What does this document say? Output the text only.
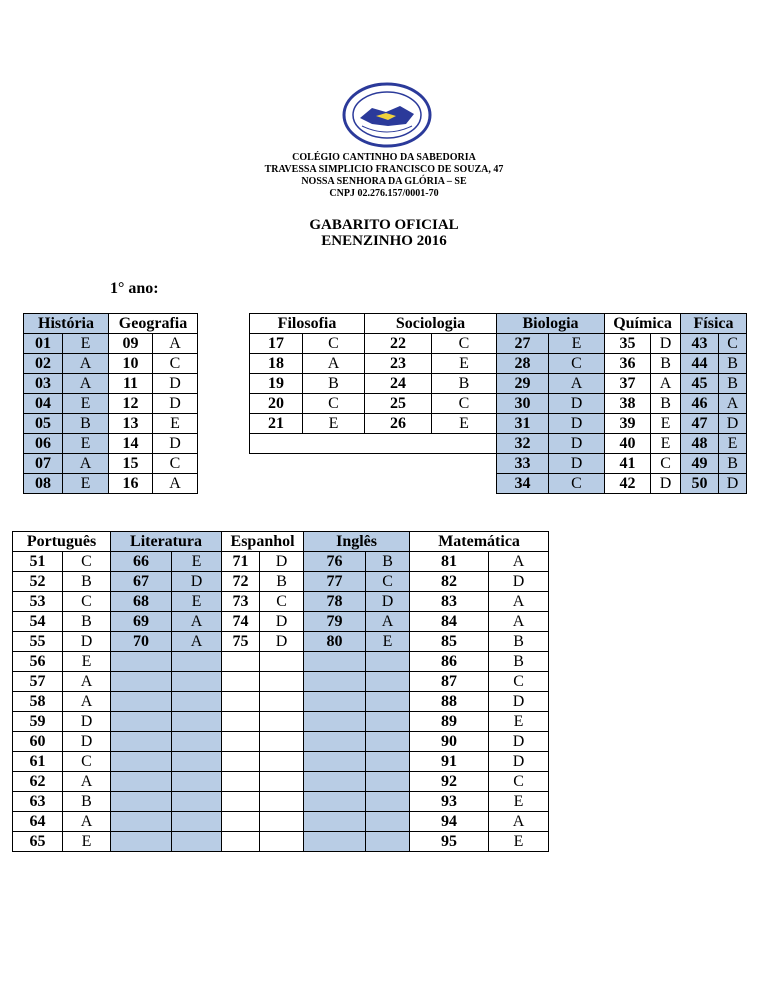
COLÉGIO CANTINHO DA SABEDORIA
TRAVESSA SIMPLICIO FRANCISCO DE SOUZA, 47
NOSSA SENHORA DA GLÓRIA – SE
CNPJ 02.276.157/0001-70
GABARITO OFICIAL
ENENZINHO 2016
1° ano:
História		Geografia	
01	E	09	A
02	A	10	C
03	A	11	D
04	E	12	D
05	B	13	E
06	E	14	D
07	A	15	C
08	E	16	A
Filosofia		Sociologia	
17	C	22	C
18	A	23	E
19	B	24	B
20	C	25	C
21	E	26	E

Biologia		Química		Física	
27	E	35	D	43	C
28	C	36	B	44	B
29	A	37	A	45	B
30	D	38	B	46	A
31	D	39	E	47	D
32	D	40	E	48	E
33	D	41	C	49	B
34	C	42	D	50	D
Português		Literatura		Espanhol		Inglês		Matemática	
51	C	66	E	71	D	76	B	81	A
52	B	67	D	72	B	77	C	82	D
53	C	68	E	73	C	78	D	83	A
54	B	69	A	74	D	79	A	84	A
55	D	70	A	75	D	80	E	85	B
56	E							86	B
57	A							87	C
58	A							88	D
59	D							89	E
60	D							90	D
61	C							91	D
62	A							92	C
63	B							93	E
64	A							94	A
65	E							95	E
